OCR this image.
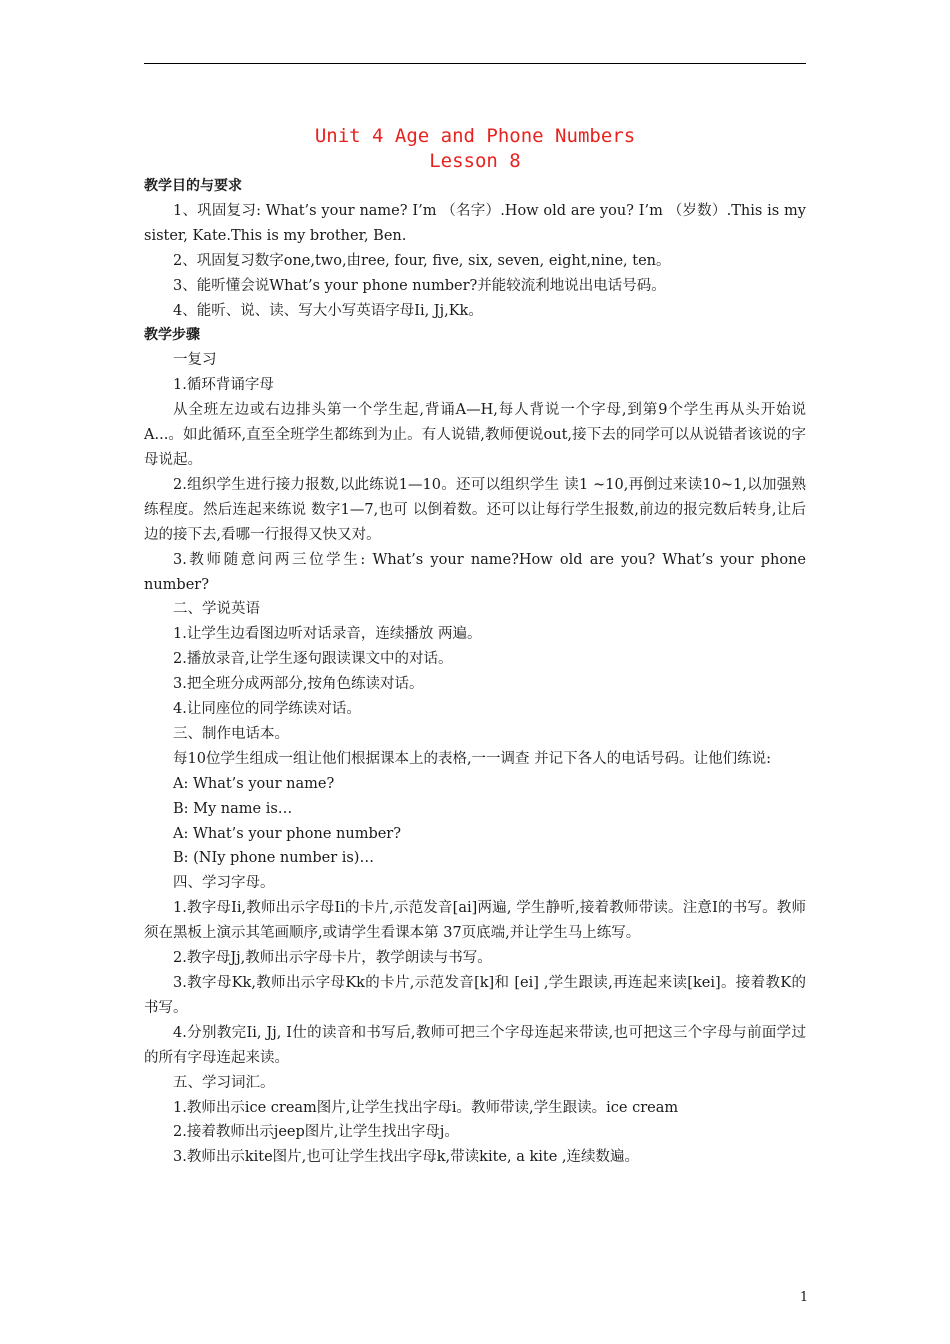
Unit 4 Age and Phone Numbers
Lesson 8

教学目的与要求

1、巩固复习: What’s your name? I’m （名字）.How old are you? I’m （岁数）.This is my sister, Kate.This is my brother, Ben.

2、巩固复习数字one,two,由ree, four, five, six, seven, eight,nine, ten。

3、能听懂会说What’s your phone number?并能较流利地说出电话号码。

4、能听、说、读、写大小写英语字母Ii, Jj,Kk。

教学步骤

一复习

1.循环背诵字母

从全班左边或右边排头第一个学生起,背诵A—H,每人背说一个字母,到第9个学生再从头开始说A...。如此循环,直至全班学生都练到为止。有人说错,教师便说out,接下去的同学可以从说错者该说的字母说起。

2.组织学生进行接力报数,以此练说1—10。还可以组织学生 读1 ~10,再倒过来读10~1,以加强熟练程度。然后连起来练说 数字1—7,也可 以倒着数。还可以让每行学生报数,前边的报完数后转身,让后边的接下去,看哪一行报得又快又对。

3.教师随意问两三位学生: What’s your name?How old are you? What’s your phone number?

二、学说英语

1.让学生边看图边听对话录音，连续播放 两遍。

2.播放录音,让学生逐句跟读课文中的对话。

3.把全班分成两部分,按角色练读对话。

4.让同座位的同学练读对话。

三、制作电话本。

每10位学生组成一组让他们根据课本上的表格,一一调查 并记下各人的电话号码。让他们练说:

A: What’s your name?

B: My name is…

A: What’s your phone number?

B: (NIy phone number is)…

四、学习字母。

1.教字母Ii,教师出示字母Ii的卡片,示范发音[ai]两遍, 学生静听,接着教师带读。注意I的书写。教师须在黑板上演示其笔画顺序,或请学生看课本第 37页底端,并让学生马上练写。

2.教字母Jj,教师出示字母卡片，教学朗读与书写。

3.教字母Kk,教师出示字母Kk的卡片,示范发音[k]和 [ei] ,学生跟读,再连起来读[kei]。接着教K的书写。

4.分别教完Ii, Jj, I仕的读音和书写后,教师可把三个字母连起来带读,也可把这三个字母与前面学过的所有字母连起来读。

五、学习词汇。

1.教师出示ice cream图片,让学生找出字母i。教师带读,学生跟读。ice cream

2.接着教师出示jeep图片,让学生找出字母j。

3.教师出示kite图片,也可让学生找出字母k,带读kite, a kite ,连续数遍。

1
